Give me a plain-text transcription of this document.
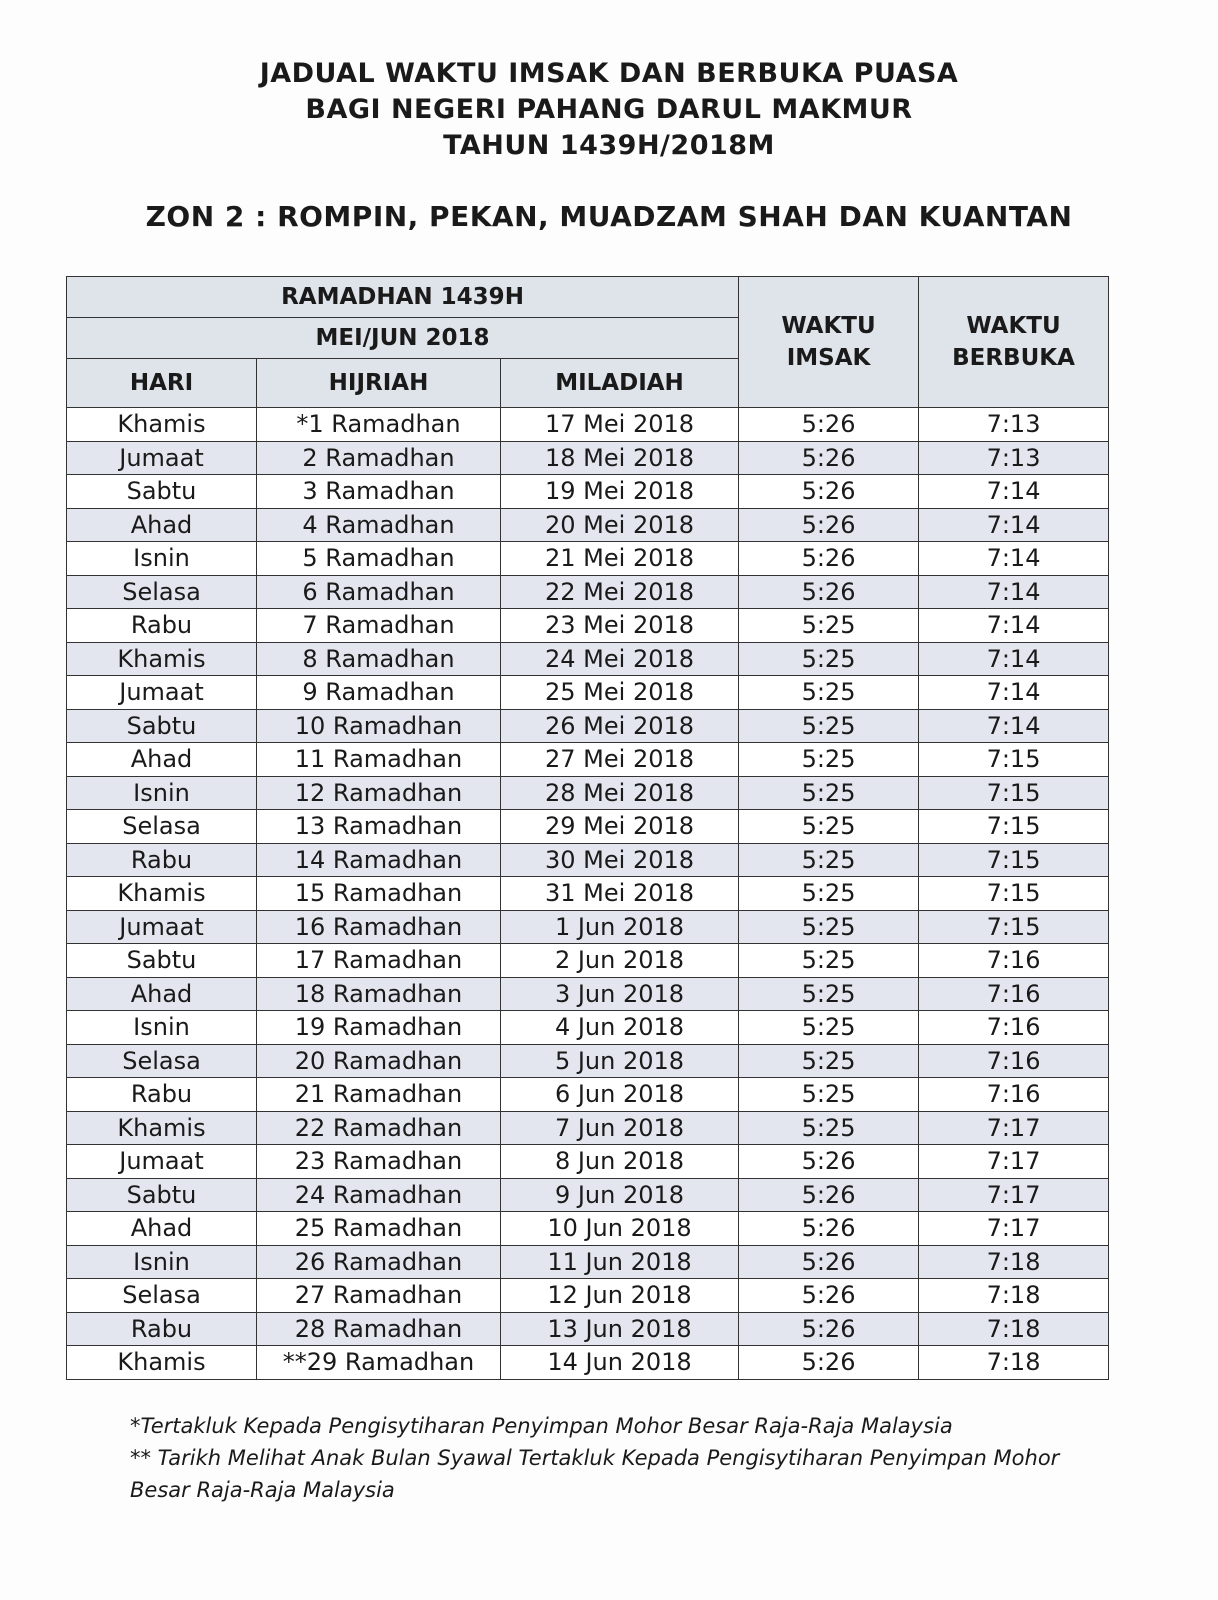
JADUAL WAKTU IMSAK DAN BERBUKA PUASA
BAGI NEGERI PAHANG DARUL MAKMUR
TAHUN 1439H/2018M
ZON 2 : ROMPIN, PEKAN, MUADZAM SHAH DAN KUANTAN
RAMADHAN 1439H			WAKTU IMSAK	WAKTU BERBUKA
MEI/JUN 2018				
HARI	HIJRIAH	MILADIAH		
Khamis	*1 Ramadhan	17 Mei 2018	5:26	7:13
Jumaat	2 Ramadhan	18 Mei 2018	5:26	7:13
Sabtu	3 Ramadhan	19 Mei 2018	5:26	7:14
Ahad	4 Ramadhan	20 Mei 2018	5:26	7:14
Isnin	5 Ramadhan	21 Mei 2018	5:26	7:14
Selasa	6 Ramadhan	22 Mei 2018	5:26	7:14
Rabu	7 Ramadhan	23 Mei 2018	5:25	7:14
Khamis	8 Ramadhan	24 Mei 2018	5:25	7:14
Jumaat	9 Ramadhan	25 Mei 2018	5:25	7:14
Sabtu	10 Ramadhan	26 Mei 2018	5:25	7:14
Ahad	11 Ramadhan	27 Mei 2018	5:25	7:15
Isnin	12 Ramadhan	28 Mei 2018	5:25	7:15
Selasa	13 Ramadhan	29 Mei 2018	5:25	7:15
Rabu	14 Ramadhan	30 Mei 2018	5:25	7:15
Khamis	15 Ramadhan	31 Mei 2018	5:25	7:15
Jumaat	16 Ramadhan	1 Jun 2018	5:25	7:15
Sabtu	17 Ramadhan	2 Jun 2018	5:25	7:16
Ahad	18 Ramadhan	3 Jun 2018	5:25	7:16
Isnin	19 Ramadhan	4 Jun 2018	5:25	7:16
Selasa	20 Ramadhan	5 Jun 2018	5:25	7:16
Rabu	21 Ramadhan	6 Jun 2018	5:25	7:16
Khamis	22 Ramadhan	7 Jun 2018	5:25	7:17
Jumaat	23 Ramadhan	8 Jun 2018	5:26	7:17
Sabtu	24 Ramadhan	9 Jun 2018	5:26	7:17
Ahad	25 Ramadhan	10 Jun 2018	5:26	7:17
Isnin	26 Ramadhan	11 Jun 2018	5:26	7:18
Selasa	27 Ramadhan	12 Jun 2018	5:26	7:18
Rabu	28 Ramadhan	13 Jun 2018	5:26	7:18
Khamis	**29 Ramadhan	14 Jun 2018	5:26	7:18
*Tertakluk Kepada Pengisytiharan Penyimpan Mohor Besar Raja-Raja Malaysia
** Tarikh Melihat Anak Bulan Syawal Tertakluk Kepada Pengisytiharan Penyimpan Mohor Besar Raja-Raja Malaysia
